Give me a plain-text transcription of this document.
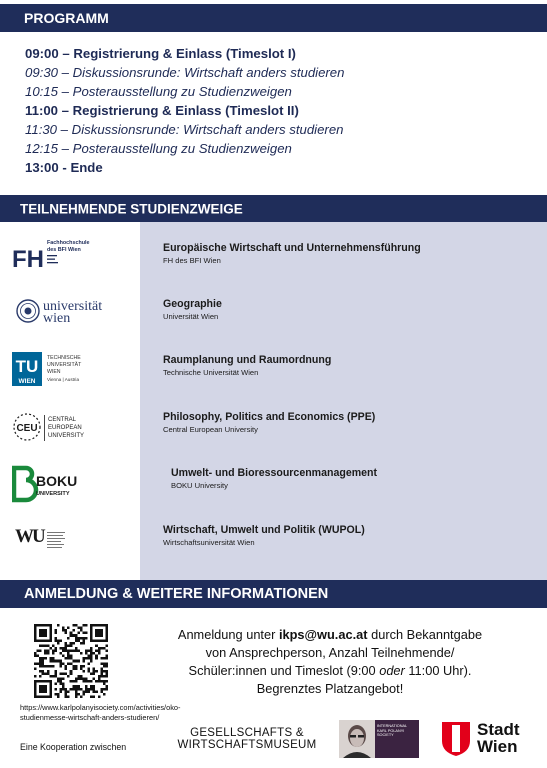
PROGRAMM
09:00 – Registrierung & Einlass (Timeslot I)
09:30 – Diskussionsrunde: Wirtschaft anders studieren
10:15 – Posterausstellung zu Studienzweigen
11:00 – Registrierung & Einlass (Timeslot II)
11:30 – Diskussionsrunde: Wirtschaft anders studieren
12:15 – Posterausstellung zu Studienzweigen
13:00 - Ende
TEILNEHMENDE STUDIENZWEIGE
FH
Fachhochschule
des BFI Wien
universität
wien
TU
WIEN
TECHNISCHE
UNIVERSITÄT
WIEN
Vienna | Austria
CEU
CENTRAL
EUROPEAN
UNIVERSITY
BOKU
UNIVERSITY
WU
Europäische Wirtschaft und Unternehmensführung
FH des BFI Wien
Geographie
Universität Wien
Raumplanung und Raumordnung
Technische Universität Wien
Philosophy, Politics and Economics (PPE)
Central European University
Umwelt- und Bioressourcenmanagement
BOKU University
Wirtschaft, Umwelt und Politik (WUPOL)
Wirtschaftsuniversität Wien
ANMELDUNG & WEITERE INFORMATIONEN
https://www.karlpolanyisociety.com/activities/oko-studienmesse-wirtschaft-anders-studieren/
Eine Kooperation zwischen
Anmeldung unter ikps@wu.ac.at durch Bekanntgabe
von Ansprechperson, Anzahl Teilnehmende/
Schüler:innen und Timeslot (9:00 oder 11:00 Uhr).
Begrenztes Platzangebot!
GESELLSCHAFTS &
WIRTSCHAFTSMUSEUM
INTERNATIONAL
KARL POLANYI
SOCIETY	Stadt
Wien
